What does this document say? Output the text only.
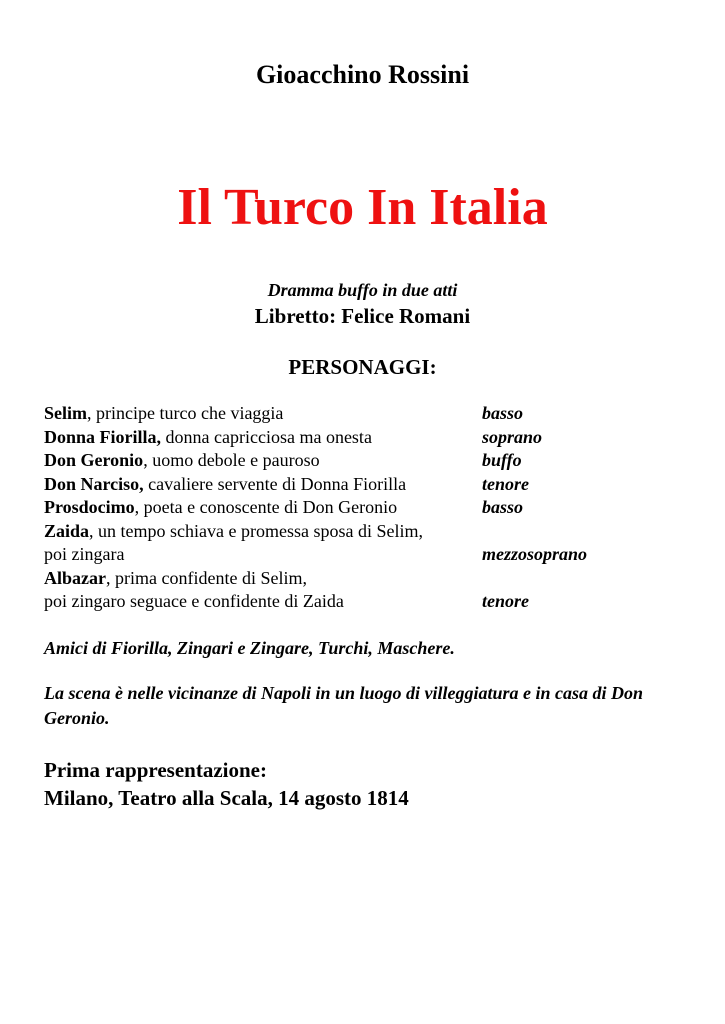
Gioacchino Rossini
Il Turco In Italia
Dramma buffo in due atti
Libretto: Felice Romani
PERSONAGGI:
Selim, principe turco che viaggia	basso
Donna Fiorilla, donna capricciosa ma onesta	soprano
Don Geronio, uomo debole e pauroso	buffo
Don Narciso, cavaliere servente di Donna Fiorilla	tenore
Prosdocimo, poeta e conoscente di Don Geronio	basso
Zaida, un tempo schiava e promessa sposa di Selim,
poi zingara	mezzosoprano
Albazar, prima confidente di Selim,
poi zingaro seguace e confidente di Zaida	tenore
Amici di Fiorilla, Zingari e Zingare, Turchi, Maschere.
La scena è nelle vicinanze di Napoli in un luogo di villeggiatura e in casa di Don Geronio.
Prima rappresentazione:
Milano, Teatro alla Scala, 14 agosto 1814
